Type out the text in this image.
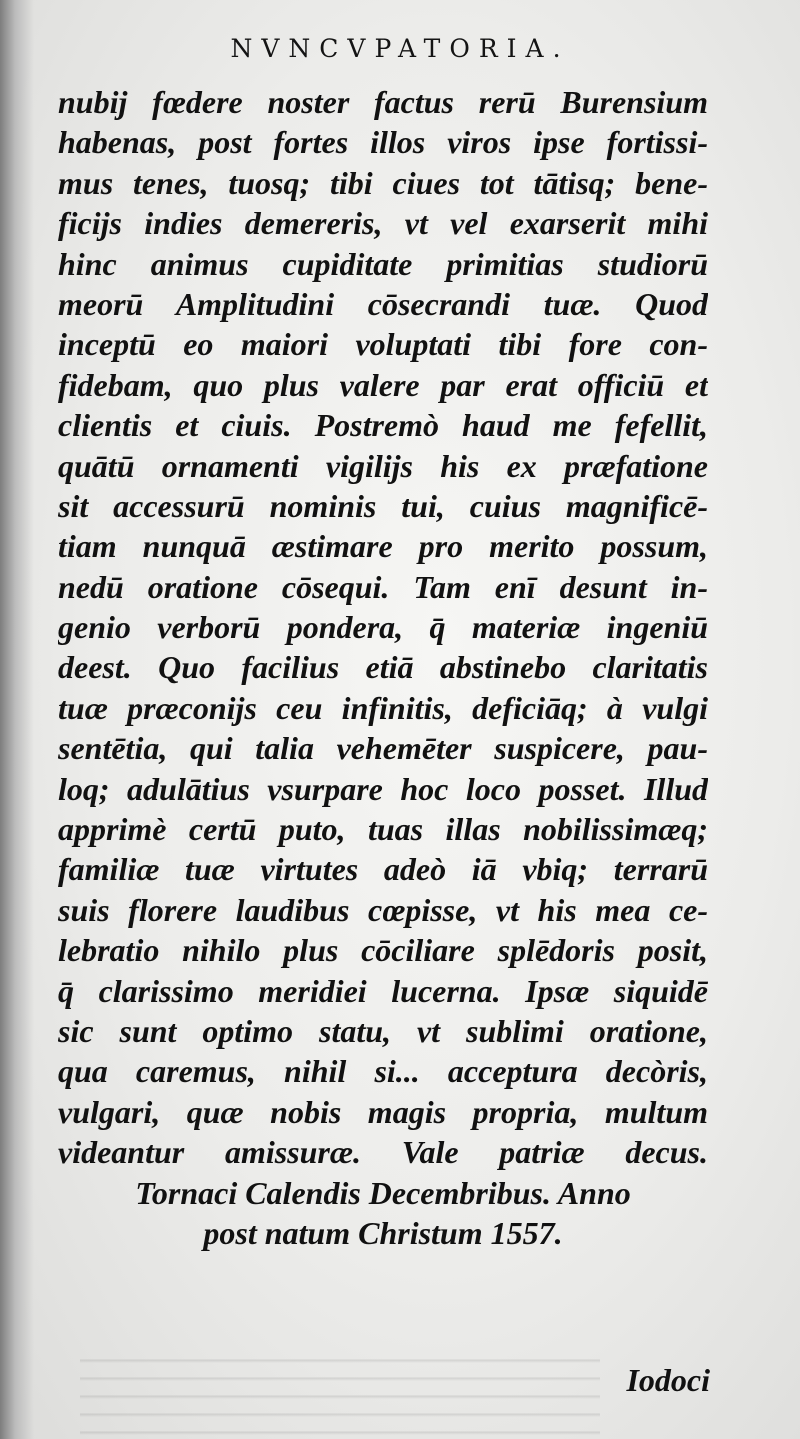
NVNCVPATORIA.
nubij fœdere noster factus rerū Burensium
habenas, post fortes illos viros ipse fortissi-
mus tenes, tuosq; tibi ciues tot tātisq; bene-
ficijs indies demereris, vt vel exarserit mihi
hinc animus cupiditate primitias studiorū
meorū Amplitudini cōsecrandi tuæ. Quod
inceptū eo maiori voluptati tibi fore con-
fidebam, quo plus valere par erat officiū et
clientis et ciuis. Postremò haud me fefellit,
quātū ornamenti vigilijs his ex præfatione
sit accessurū nominis tui, cuius magnificē-
tiam nunquā æstimare pro merito possum,
nedū oratione cōsequi. Tam enī desunt in-
genio verborū pondera, q̄ materiæ ingeniū
deest. Quo facilius etiā abstinebo claritatis
tuæ præconijs ceu infinitis, deficiāq; à vulgi
sentētia, qui talia vehemēter suspicere, pau-
loq; adulātius vsurpare hoc loco posset. Illud
apprimè certū puto, tuas illas nobilissimæq;
familiæ tuæ virtutes adeò iā vbiq; terrarū
suis florere laudibus cœpisse, vt his mea ce-
lebratio nihilo plus cōciliare splēdoris posit,
q̄ clarissimo meridiei lucerna. Ipsæ siquidē
sic sunt optimo statu, vt sublimi oratione,
qua caremus, nihil si... acceptura decòris,
vulgari, quæ nobis magis propria, multum
videantur amissuræ. Vale patriæ decus.
Tornaci Calendis Decembribus. Anno
post natum Christum 1557.
Iodoci
